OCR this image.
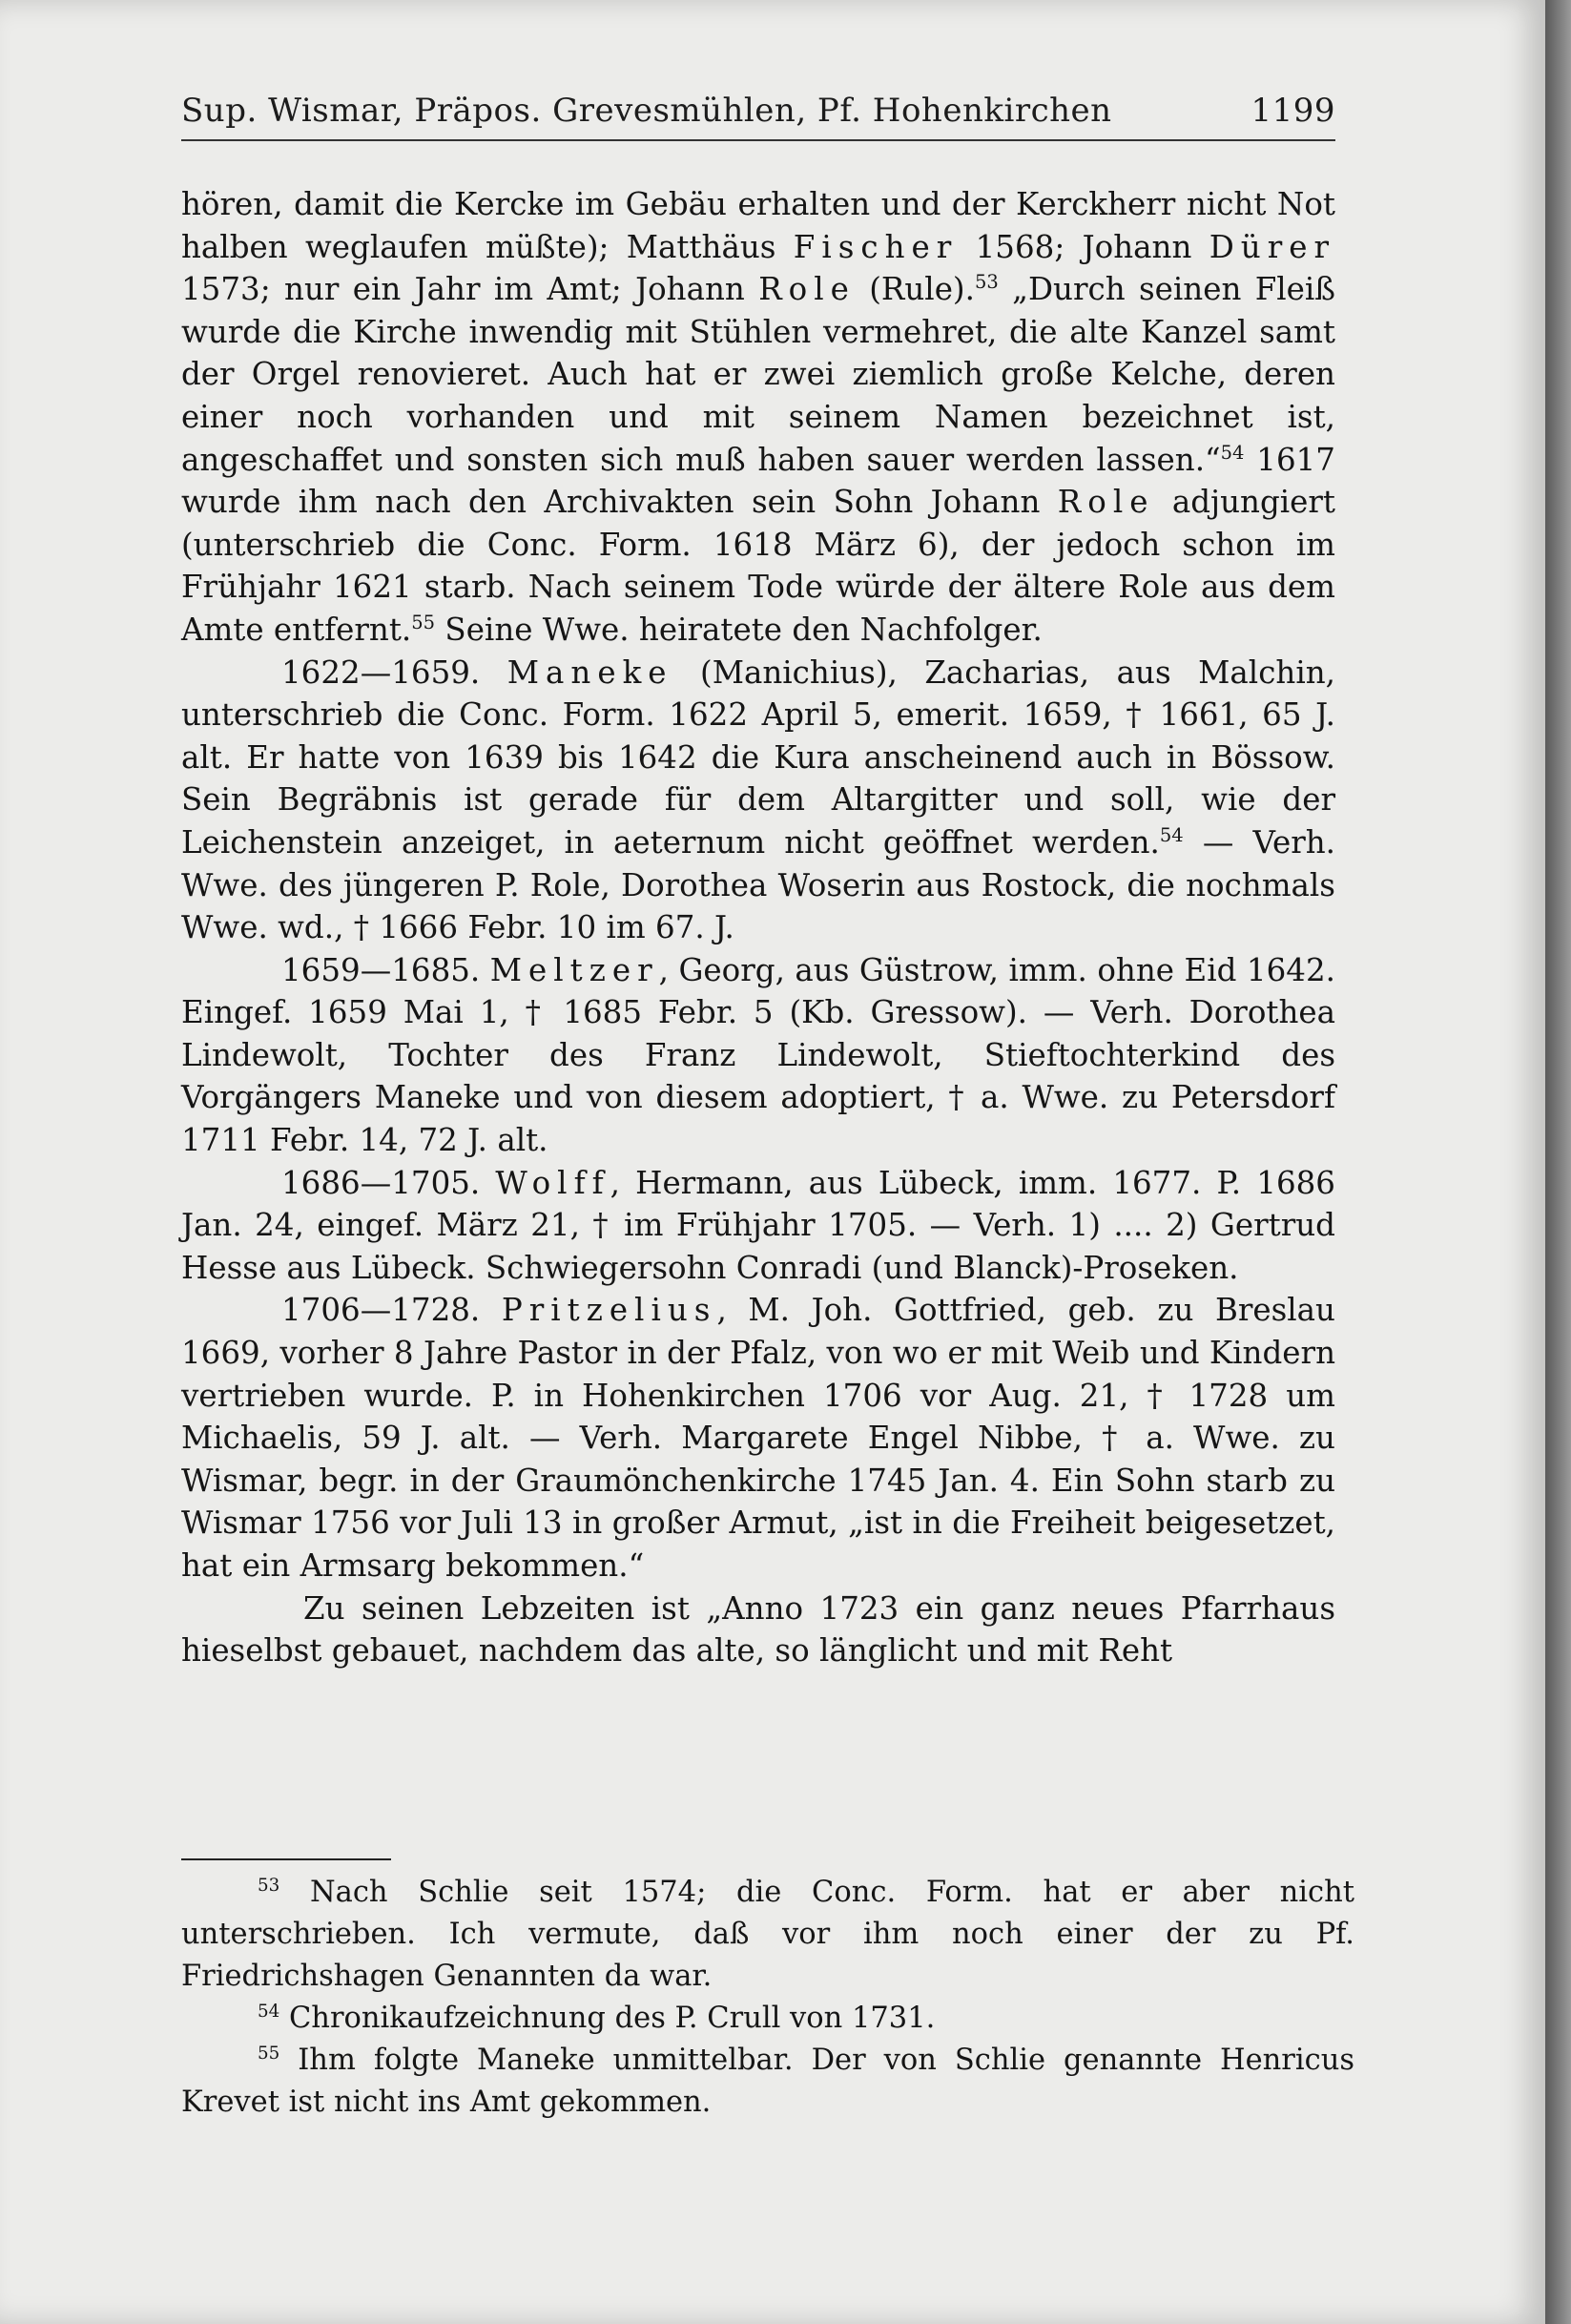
Sup. Wismar, Präpos. Grevesmühlen, Pf. Hohenkirchen	1199

hören, damit die Kercke im Gebäu erhalten und der Kerckherr nicht Not halben weglaufen müßte); Matthäus Fischer 1568; Johann Dürer 1573; nur ein Jahr im Amt; Johann Role (Rule).$^{53}$ „Durch seinen Fleiß wurde die Kirche inwendig mit Stühlen vermehret, die alte Kanzel samt der Orgel renovieret. Auch hat er zwei ziemlich große Kelche, deren einer noch vorhanden und mit seinem Namen bezeichnet ist, angeschaffet und sonsten sich muß haben sauer werden lassen.“$^{54}$ 1617 wurde ihm nach den Archivakten sein Sohn Johann Role adjungiert (unterschrieb die Conc. Form. 1618 März 6), der jedoch schon im Frühjahr 1621 starb. Nach seinem Tode würde der ältere Role aus dem Amte entfernt.$^{55}$ Seine Wwe. heiratete den Nachfolger.

1622—1659. Maneke (Manichius), Zacharias, aus Malchin, unterschrieb die Conc. Form. 1622 April 5, emerit. 1659, † 1661, 65 J. alt. Er hatte von 1639 bis 1642 die Kura anscheinend auch in Bössow. Sein Begräbnis ist gerade für dem Altargitter und soll, wie der Leichenstein anzeiget, in aeternum nicht geöffnet werden.$^{54}$ — Verh. Wwe. des jüngeren P. Role, Dorothea Woserin aus Rostock, die nochmals Wwe. wd., † 1666 Febr. 10 im 67. J.

1659—1685. Meltzer, Georg, aus Güstrow, imm. ohne Eid 1642. Eingef. 1659 Mai 1, † 1685 Febr. 5 (Kb. Gressow). — Verh. Dorothea Lindewolt, Tochter des Franz Lindewolt, Stieftochterkind des Vorgängers Maneke und von diesem adoptiert, † a. Wwe. zu Petersdorf 1711 Febr. 14, 72 J. alt.

1686—1705. Wolff, Hermann, aus Lübeck, imm. 1677. P. 1686 Jan. 24, eingef. März 21, † im Frühjahr 1705. — Verh. 1) .... 2) Gertrud Hesse aus Lübeck. Schwiegersohn Conradi (und Blanck)-Proseken.

1706—1728. Pritzelius, M. Joh. Gottfried, geb. zu Breslau 1669, vorher 8 Jahre Pastor in der Pfalz, von wo er mit Weib und Kindern vertrieben wurde. P. in Hohenkirchen 1706 vor Aug. 21, † 1728 um Michaelis, 59 J. alt. — Verh. Margarete Engel Nibbe, † a. Wwe. zu Wismar, begr. in der Graumönchenkirche 1745 Jan. 4. Ein Sohn starb zu Wismar 1756 vor Juli 13 in großer Armut, „ist in die Freiheit beigesetzet, hat ein Armsarg bekommen.“

Zu seinen Lebzeiten ist „Anno 1723 ein ganz neues Pfarrhaus hieselbst gebauet, nachdem das alte, so länglicht und mit Reht

$^{53}$ Nach Schlie seit 1574; die Conc. Form. hat er aber nicht unterschrieben. Ich vermute, daß vor ihm noch einer der zu Pf. Friedrichshagen Genannten da war.

$^{54}$ Chronikaufzeichnung des P. Crull von 1731.

$^{55}$ Ihm folgte Maneke unmittelbar. Der von Schlie genannte Henricus Krevet ist nicht ins Amt gekommen.
